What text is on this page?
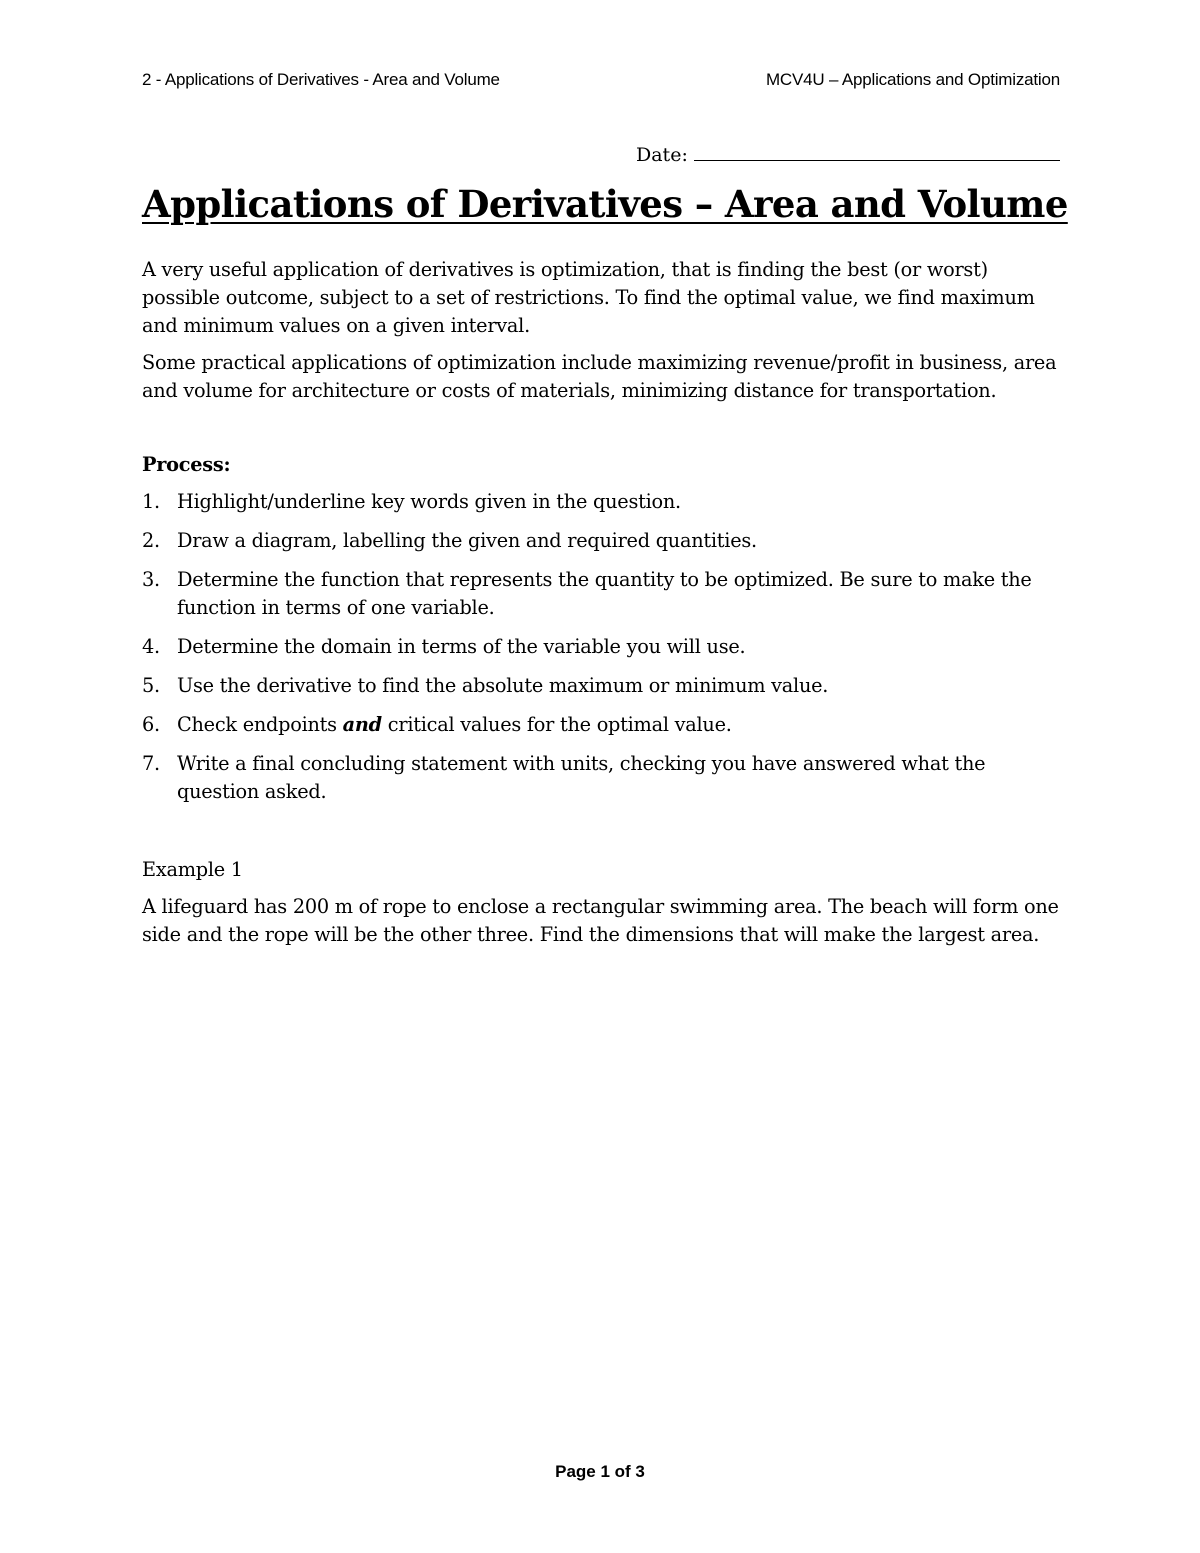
2 - Applications of Derivatives - Area and Volume	MCV4U – Applications and Optimization
Date:
Applications of Derivatives – Area and Volume

A very useful application of derivatives is optimization, that is finding the best (or worst) possible outcome, subject to a set of restrictions. To find the optimal value, we find maximum and minimum values on a given interval.

Some practical applications of optimization include maximizing revenue/profit in business, area and volume for architecture or costs of materials, minimizing distance for transportation.

Process:

1. Highlight/underline key words given in the question.
2. Draw a diagram, labelling the given and required quantities.
3. Determine the function that represents the quantity to be optimized. Be sure to make the function in terms of one variable.
4. Determine the domain in terms of the variable you will use.
5. Use the derivative to find the absolute maximum or minimum value.
6. Check endpoints and critical values for the optimal value.
7. Write a final concluding statement with units, checking you have answered what the question asked.

Example 1

A lifeguard has 200 m of rope to enclose a rectangular swimming area. The beach will form one side and the rope will be the other three. Find the dimensions that will make the largest area.

Page 1 of 3
